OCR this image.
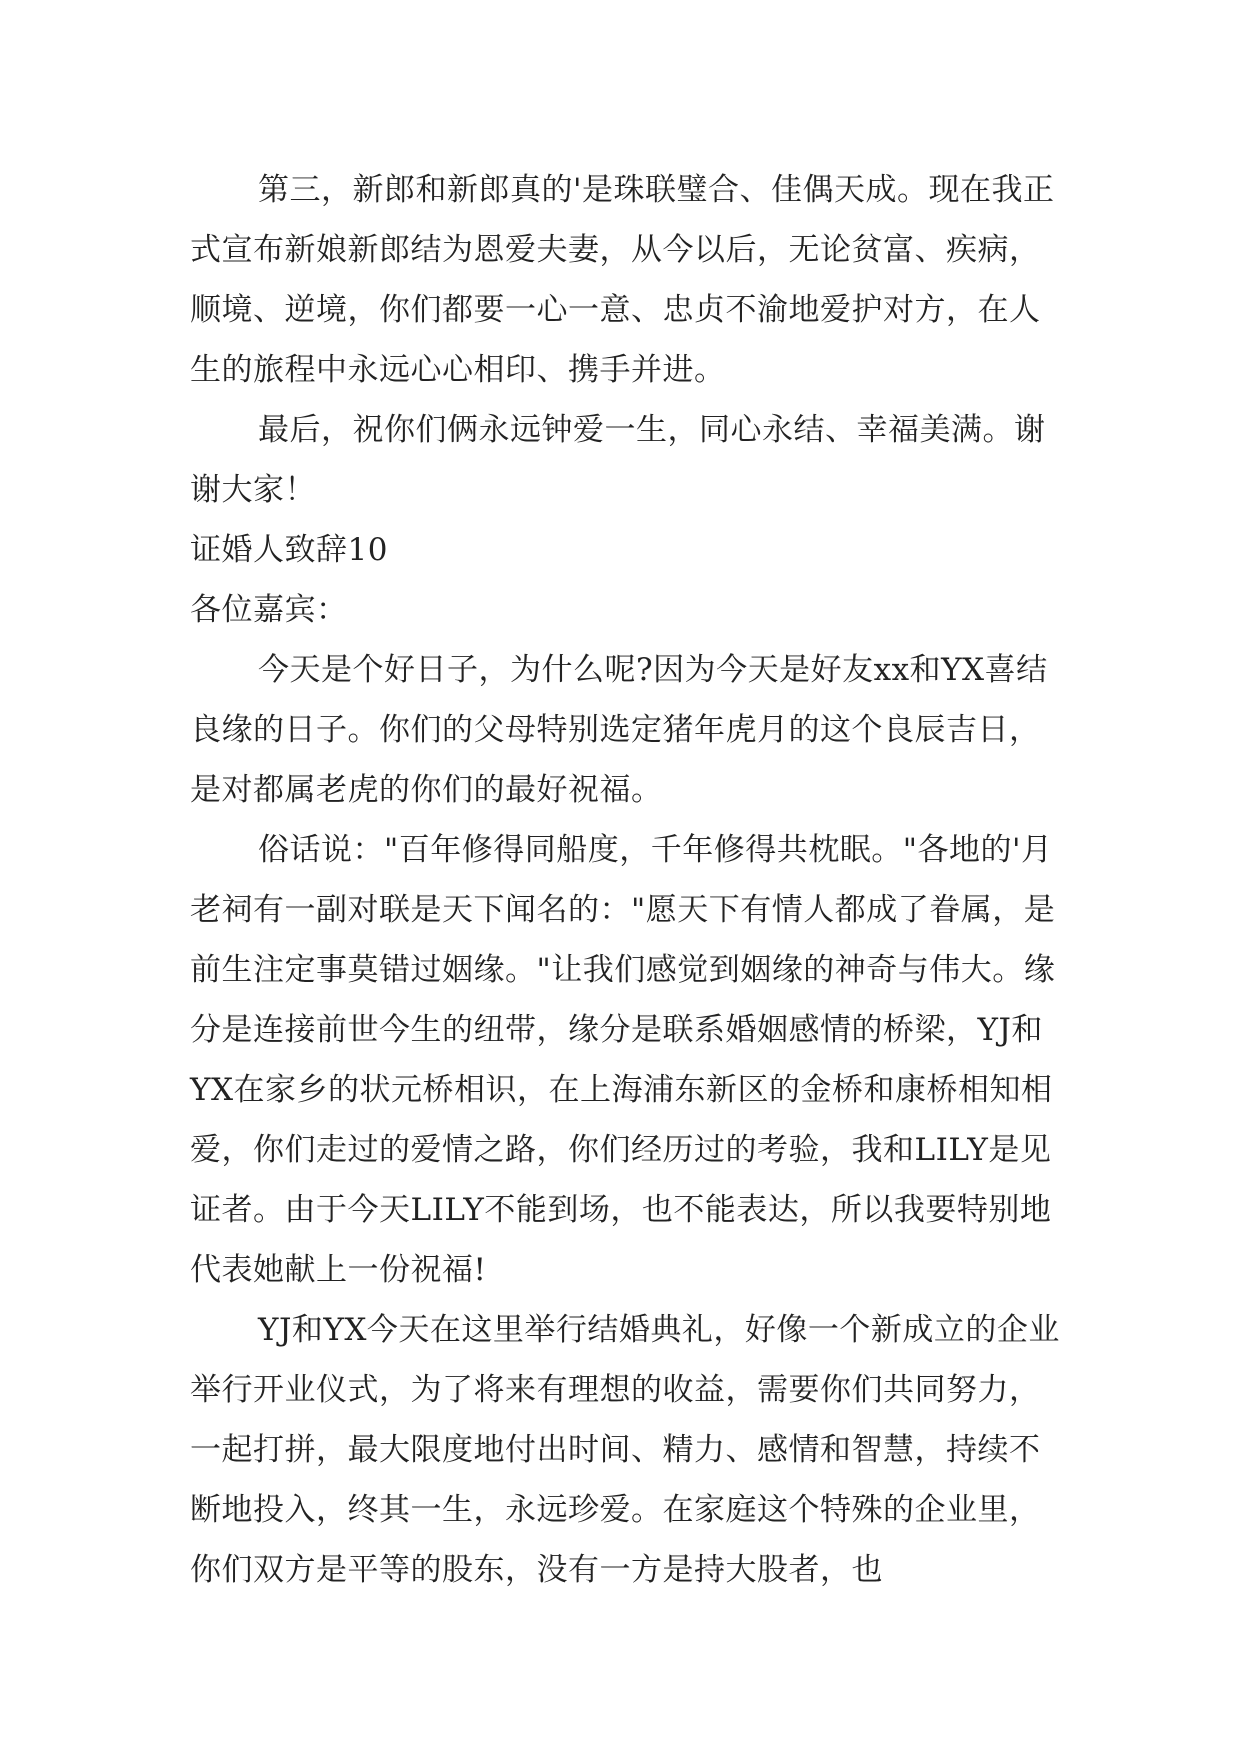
第三，新郎和新郎真的'是珠联璧合、佳偶天成。现在我正式宣布新娘新郎结为恩爱夫妻，从今以后，无论贫富、疾病，顺境、逆境，你们都要一心一意、忠贞不渝地爱护对方，在人生的旅程中永远心心相印、携手并进。

最后，祝你们俩永远钟爱一生，同心永结、幸福美满。谢谢大家！

证婚人致辞10

各位嘉宾：

今天是个好日子，为什么呢?因为今天是好友xx和YX喜结良缘的日子。你们的父母特别选定猪年虎月的这个良辰吉日，是对都属老虎的你们的最好祝福。

俗话说："百年修得同船度，千年修得共枕眠。"各地的'月老祠有一副对联是天下闻名的："愿天下有情人都成了眷属，是前生注定事莫错过姻缘。"让我们感觉到姻缘的神奇与伟大。缘分是连接前世今生的纽带，缘分是联系婚姻感情的桥梁，YJ和YX在家乡的状元桥相识，在上海浦东新区的金桥和康桥相知相爱，你们走过的爱情之路，你们经历过的考验，我和LILY是见证者。由于今天LILY不能到场，也不能表达，所以我要特别地代表她献上一份祝福!

YJ和YX今天在这里举行结婚典礼，好像一个新成立的企业举行开业仪式，为了将来有理想的收益，需要你们共同努力，一起打拼，最大限度地付出时间、精力、感情和智慧，持续不断地投入，终其一生，永远珍爱。在家庭这个特殊的企业里，你们双方是平等的股东，没有一方是持大股者，也
